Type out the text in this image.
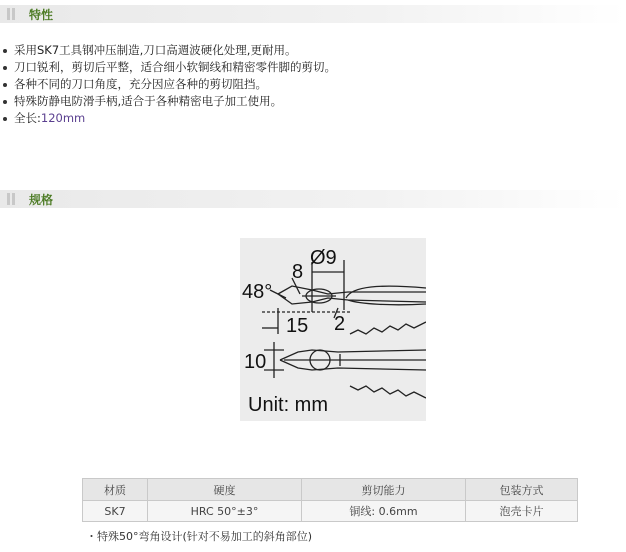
特性
采用SK7工具钢冲压制造,刀口高週波硬化处理,更耐用。
刀口锐利，剪切后平整，适合细小软铜线和精密零件脚的剪切。
各种不同的刀口角度，充分因应各种的剪切阻挡。
特殊防静电防滑手柄,适合于各种精密电子加工使用。
全长:120mm
规格
48°
8
Ø9
15 2
10
Unit: mm
材质	硬度	剪切能力	包装方式
SK7	HRC 50°±3°	铜线: 0.6mm	泡壳卡片
・特殊50°弯角设计(针对不易加工的斜角部位)
